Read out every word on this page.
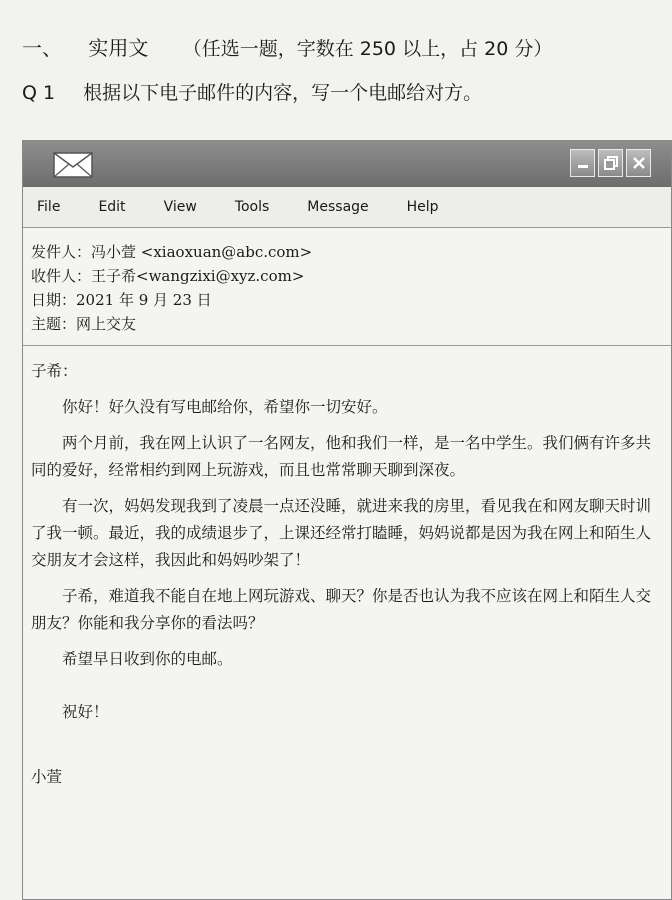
一、 实用文 （任选一题，字数在 250 以上，占 20 分）
Q 1 根据以下电子邮件的内容，写一个电邮给对方。
File	Edit	View	Tools	Message	Help
发件人：冯小萱 <xiaoxuan@abc.com>
收件人：王子希<wangzixi@xyz.com>
日期：2021 年 9 月 23 日
主题：网上交友

子希：

你好！好久没有写电邮给你，希望你一切安好。

两个月前，我在网上认识了一名网友，他和我们一样，是一名中学生。我们俩有许多共同的爱好，经常相约到网上玩游戏，而且也常常聊天聊到深夜。

有一次，妈妈发现我到了凌晨一点还没睡，就进来我的房里，看见我在和网友聊天时训了我一顿。最近，我的成绩退步了，上课还经常打瞌睡，妈妈说都是因为我在网上和陌生人交朋友才会这样，我因此和妈妈吵架了！

子希，难道我不能自在地上网玩游戏、聊天？你是否也认为我不应该在网上和陌生人交朋友？你能和我分享你的看法吗？

希望早日收到你的电邮。

祝好！

小萱
